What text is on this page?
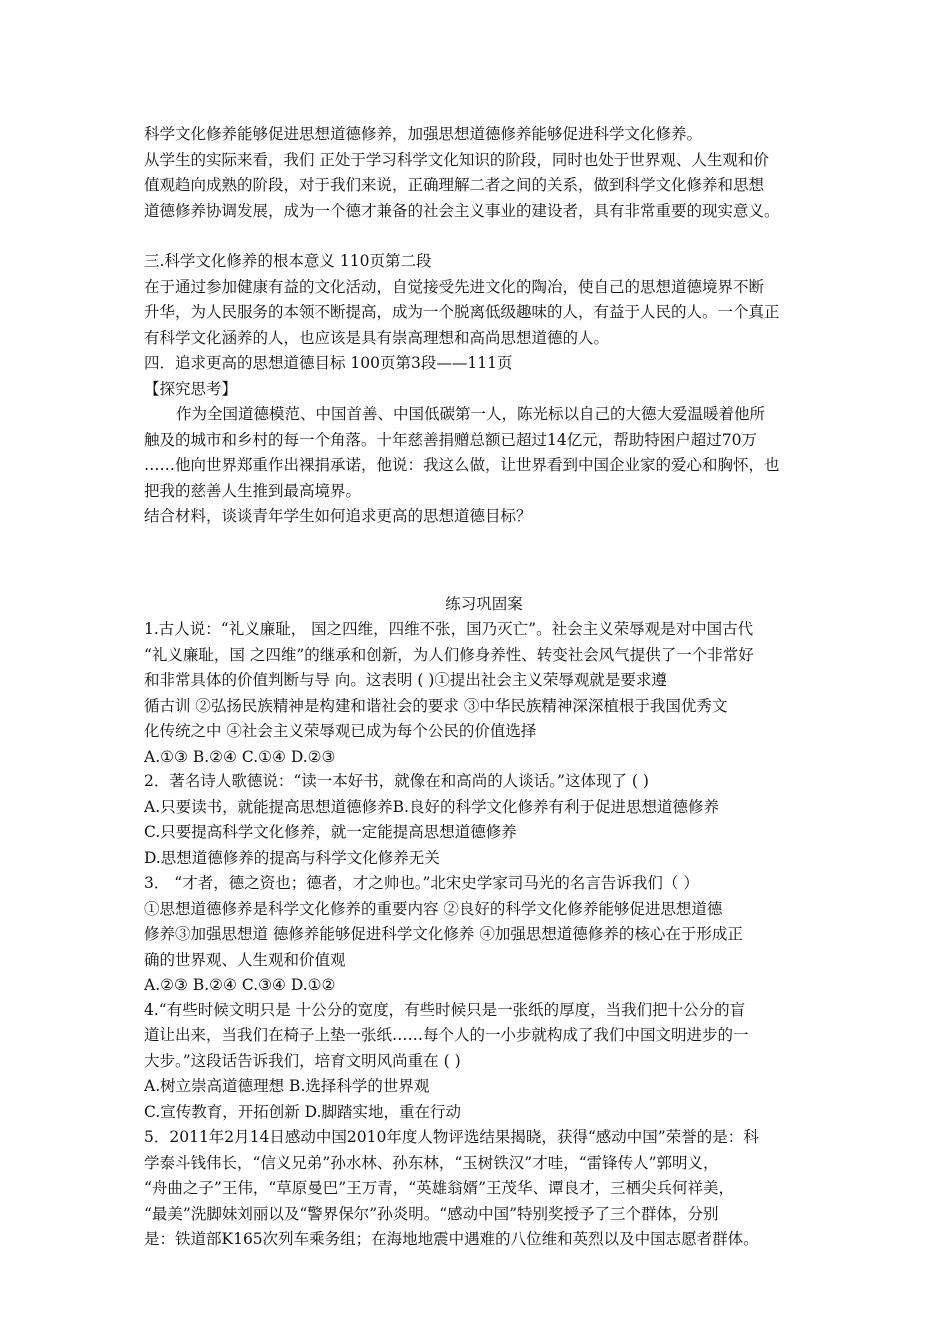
科学文化修养能够促进思想道德修养，加强思想道德修养能够促进科学文化修养。
从学生的实际来看，我们 正处于学习科学文化知识的阶段，同时也处于世界观、人生观和价
值观趋向成熟的阶段，对于我们来说，正确理解二者之间的关系，做到科学文化修养和思想
道德修养协调发展，成为一个德才兼备的社会主义事业的建设者，具有非常重要的现实意义。
三.科学文化修养的根本意义 110页第二段
在于通过参加健康有益的文化活动，自觉接受先进文化的陶冶，使自己的思想道德境界不断
升华，为人民服务的本领不断提高，成为一个脱离低级趣味的人，有益于人民的人。一个真正
有科学文化涵养的人，也应该是具有崇高理想和高尚思想道德的人。
四．追求更高的思想道德目标 100页第3段——111页
【探究思考】
作为全国道德模范、中国首善、中国低碳第一人，陈光标以自己的大德大爱温暖着他所
触及的城市和乡村的每一个角落。十年慈善捐赠总额已超过14亿元，帮助特困户超过70万
……他向世界郑重作出裸捐承诺，他说：我这么做，让世界看到中国企业家的爱心和胸怀，也
把我的慈善人生推到最高境界。
结合材料，谈谈青年学生如何追求更高的思想道德目标？
练习巩固案
1.古人说：“礼义廉耻， 国之四维，四维不张，国乃灭亡”。社会主义荣辱观是对中国古代
“礼义廉耻，国 之四维”的继承和创新，为人们修身养性、转变社会风气提供了一个非常好
和非常具体的价值判断与导 向。这表明 ( )①提出社会主义荣辱观就是要求遵
循古训 ②弘扬民族精神是构建和谐社会的要求 ③中华民族精神深深植根于我国优秀文
化传统之中 ④社会主义荣辱观已成为每个公民的价值选择
A.①③ B.②④ C.①④ D.②③
2．著名诗人歌德说：“读一本好书，就像在和高尚的人谈话。”这体现了 ( )
A.只要读书，就能提高思想道德修养B.良好的科学文化修养有利于促进思想道德修养
C.只要提高科学文化修养，就一定能提高思想道德修养
D.思想道德修养的提高与科学文化修养无关
3． “才者，德之资也；德者，才之帅也。”北宋史学家司马光的名言告诉我们（ ）
①思想道德修养是科学文化修养的重要内容 ②良好的科学文化修养能够促进思想道德
修养③加强思想道 德修养能够促进科学文化修养 ④加强思想道德修养的核心在于形成正
确的世界观、人生观和价值观
A.②③ B.②④ C.③④ D.①②
4.“有些时候文明只是 十公分的宽度，有些时候只是一张纸的厚度，当我们把十公分的盲
道让出来，当我们在椅子上垫一张纸……每个人的一小步就构成了我们中国文明进步的一
大步。”这段话告诉我们，培育文明风尚重在 ( )
A.树立崇高道德理想 B.选择科学的世界观
C.宣传教育，开拓创新 D.脚踏实地，重在行动
5．2011年2月14日感动中国2010年度人物评选结果揭晓，获得“感动中国”荣誉的是：科
学泰斗钱伟长，“信义兄弟”孙水林、孙东林，“玉树铁汉”才哇，“雷锋传人”郭明义，
“舟曲之子”王伟，“草原曼巴”王万青，“英雄翁婿”王茂华、谭良才，三栖尖兵何祥美，
“最美”洗脚妹刘丽以及“警界保尔”孙炎明。“感动中国”特别奖授予了三个群体，分别
是：铁道部K165次列车乘务组；在海地地震中遇难的八位维和英烈以及中国志愿者群体。
